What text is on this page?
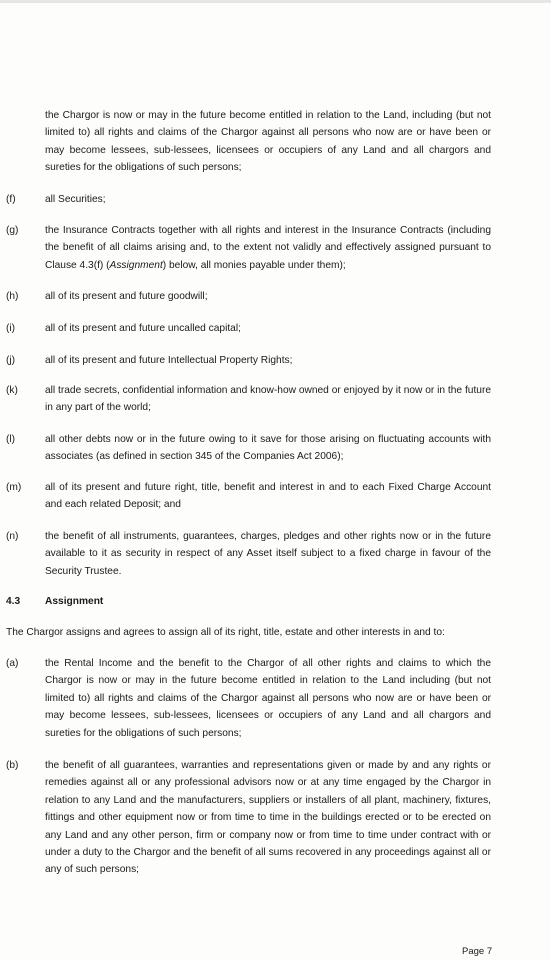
the Chargor is now or may in the future become entitled in relation to the Land, including (but not limited to) all rights and claims of the Chargor against all persons who now are or have been or may become lessees, sub-lessees, licensees or occupiers of any Land and all chargors and sureties for the obligations of such persons;

(f)	all Securities;

(g)	the Insurance Contracts together with all rights and interest in the Insurance Contracts (including the benefit of all claims arising and, to the extent not validly and effectively assigned pursuant to Clause 4.3(f) (Assignment) below, all monies payable under them);

(h)	all of its present and future goodwill;

(i)	all of its present and future uncalled capital;

(j)	all of its present and future Intellectual Property Rights;

(k)	all trade secrets, confidential information and know-how owned or enjoyed by it now or in the future in any part of the world;

(l)	all other debts now or in the future owing to it save for those arising on fluctuating accounts with associates (as defined in section 345 of the Companies Act 2006);

(m) all of its present and future right, title, benefit and interest in and to each Fixed Charge Account and each related Deposit; and

(n)	the benefit of all instruments, guarantees, charges, pledges and other rights now or in the future available to it as security in respect of any Asset itself subject to a fixed charge in favour of the Security Trustee.

4.3 Assignment

The Chargor assigns and agrees to assign all of its right, title, estate and other interests in and to:

(a)	the Rental Income and the benefit to the Chargor of all other rights and claims to which the Chargor is now or may in the future become entitled in relation to the Land including (but not limited to) all rights and claims of the Chargor against all persons who now are or have been or may become lessees, sub-lessees, licensees or occupiers of any Land and all chargors and sureties for the obligations of such persons;

(b)	the benefit of all guarantees, warranties and representations given or made by and any rights or remedies against all or any professional advisors now or at any time engaged by the Chargor in relation to any Land and the manufacturers, suppliers or installers of all plant, machinery, fixtures, fittings and other equipment now or from time to time in the buildings erected or to be erected on any Land and any other person, firm or company now or from time to time under contract with or under a duty to the Chargor and the benefit of all sums recovered in any proceedings against all or any of such persons;

Page 7
